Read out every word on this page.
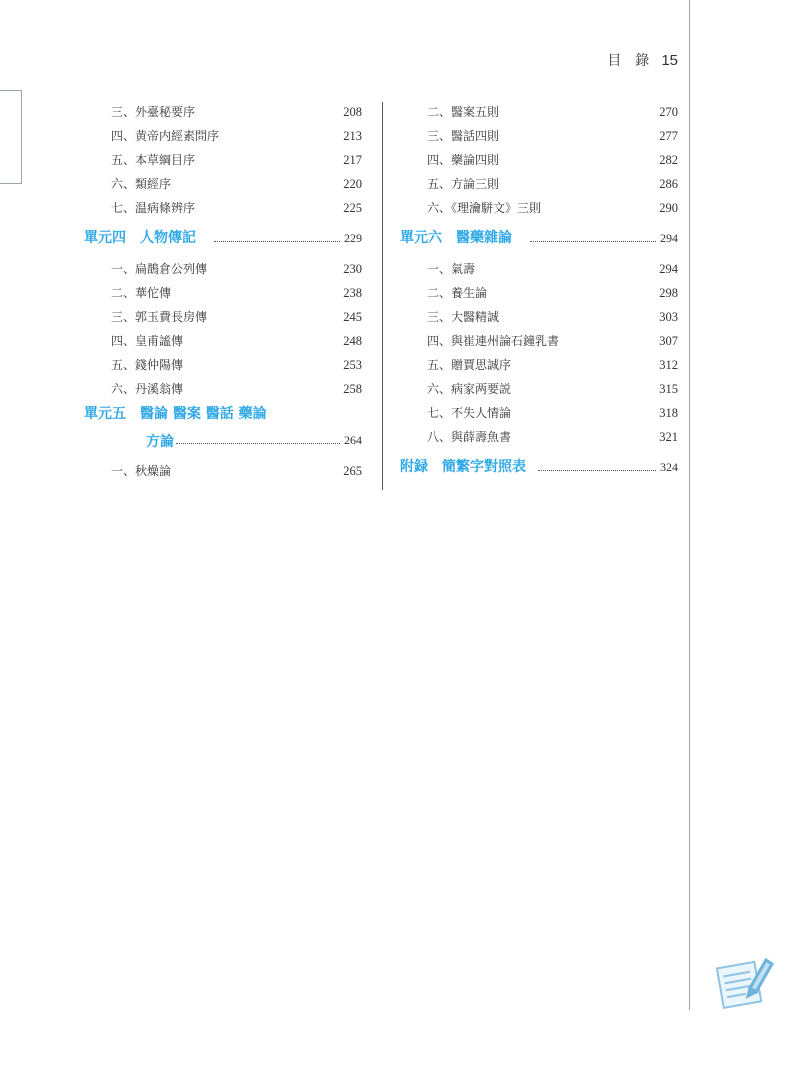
目　錄 15
三、外臺秘要序	208
四、黄帝内經素問序	213
五、本草綱目序	217
六、類經序	220
七、温病條辨序	225
單元四 人物傳記	229
一、扁鵲倉公列傳	230
二、華佗傳	238
三、郭玉費長房傳	245
四、皇甫謐傳	248
五、錢仲陽傳	253
六、丹溪翁傳	258
單元五 醫論 醫案 醫話 藥論
方論	264
一、秋燥論	265
二、醫案五則	270
三、醫話四則	277
四、藥論四則	282
五、方論三則	286
六、《理瀹駢文》三則	290
單元六 醫藥雜論	294
一、氣壽	294
二、養生論	298
三、大醫精誠	303
四、與崔連州論石鐘乳書	307
五、贈賈思誠序	312
六、病家两要説	315
七、不失人情論	318
八、與薛壽魚書	321
附録 簡繁字對照表	324
